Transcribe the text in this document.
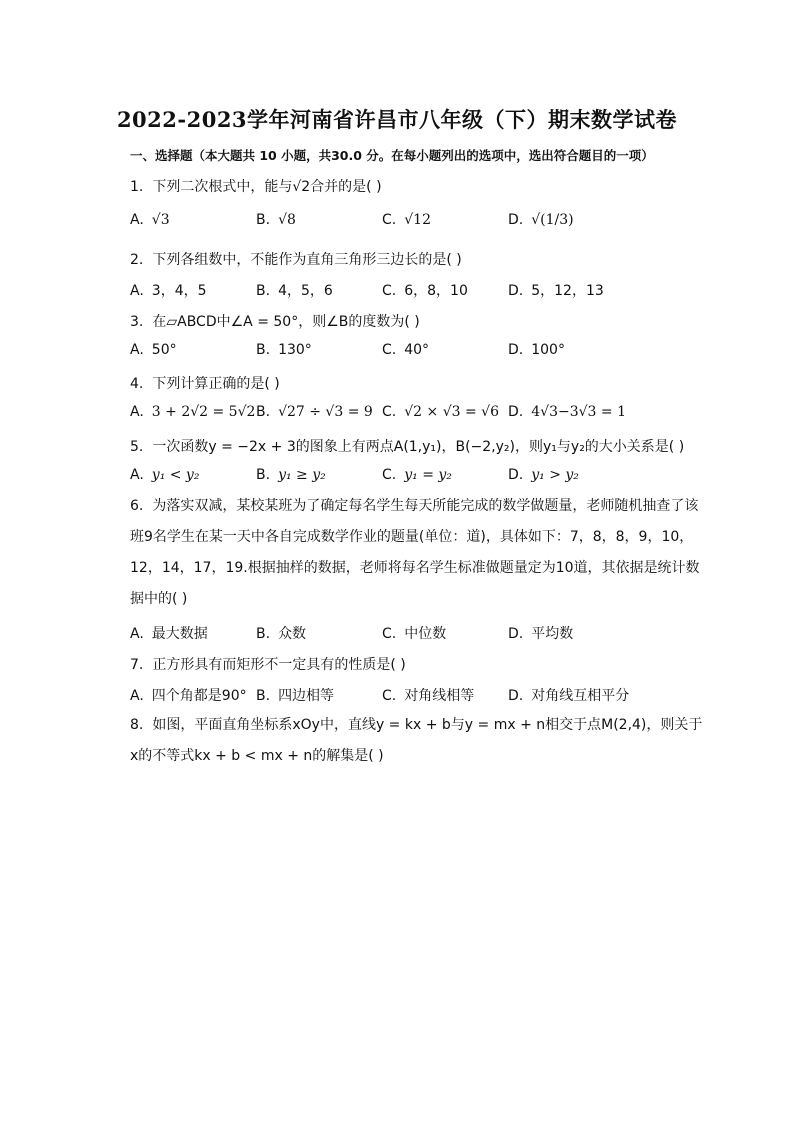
2022-2023学年河南省许昌市八年级（下）期末数学试卷
一、选择题（本大题共 10 小题，共30.0 分。在每小题列出的选项中，选出符合题目的一项）
1. 下列二次根式中，能与√2合并的是( )
A. √3	B. √8	C. √12	D. √(1/3)
2. 下列各组数中，不能作为直角三角形三边长的是( )
A. 3，4，5	B. 4，5，6	C. 6，8，10	D. 5，12，13
3. 在▱ABCD中∠A = 50°，则∠B的度数为( )
A. 50°	B. 130°	C. 40°	D. 100°
4. 下列计算正确的是( )
A. 3 + 2√2 = 5√2 B. √27 ÷ √3 = 9 C. √2 × √3 = √6 D. 4√3−3√3 = 1
5. 一次函数y = −2x + 3的图象上有两点A(1,y₁)，B(−2,y₂)，则y₁与y₂的大小关系是( )
A. y₁ < y₂	B. y₁ ≥ y₂	C. y₁ = y₂	D. y₁ > y₂
6. 为落实双减，某校某班为了确定每名学生每天所能完成的数学做题量，老师随机抽查了该班9名学生在某一天中各自完成数学作业的题量(单位：道)，具体如下：7，8，8，9，10，12，14，17，19.根据抽样的数据，老师将每名学生标准做题量定为10道，其依据是统计数据中的( )
A. 最大数据	B. 众数	C. 中位数	D. 平均数
7. 正方形具有而矩形不一定具有的性质是( )
A. 四个角都是90° B. 四边相等	C. 对角线相等 D. 对角线互相平分
8. 如图，平面直角坐标系xOy中，直线y = kx + b与y = mx + n相交于点M(2,4)，则关于x的不等式kx + b < mx + n的解集是( )
